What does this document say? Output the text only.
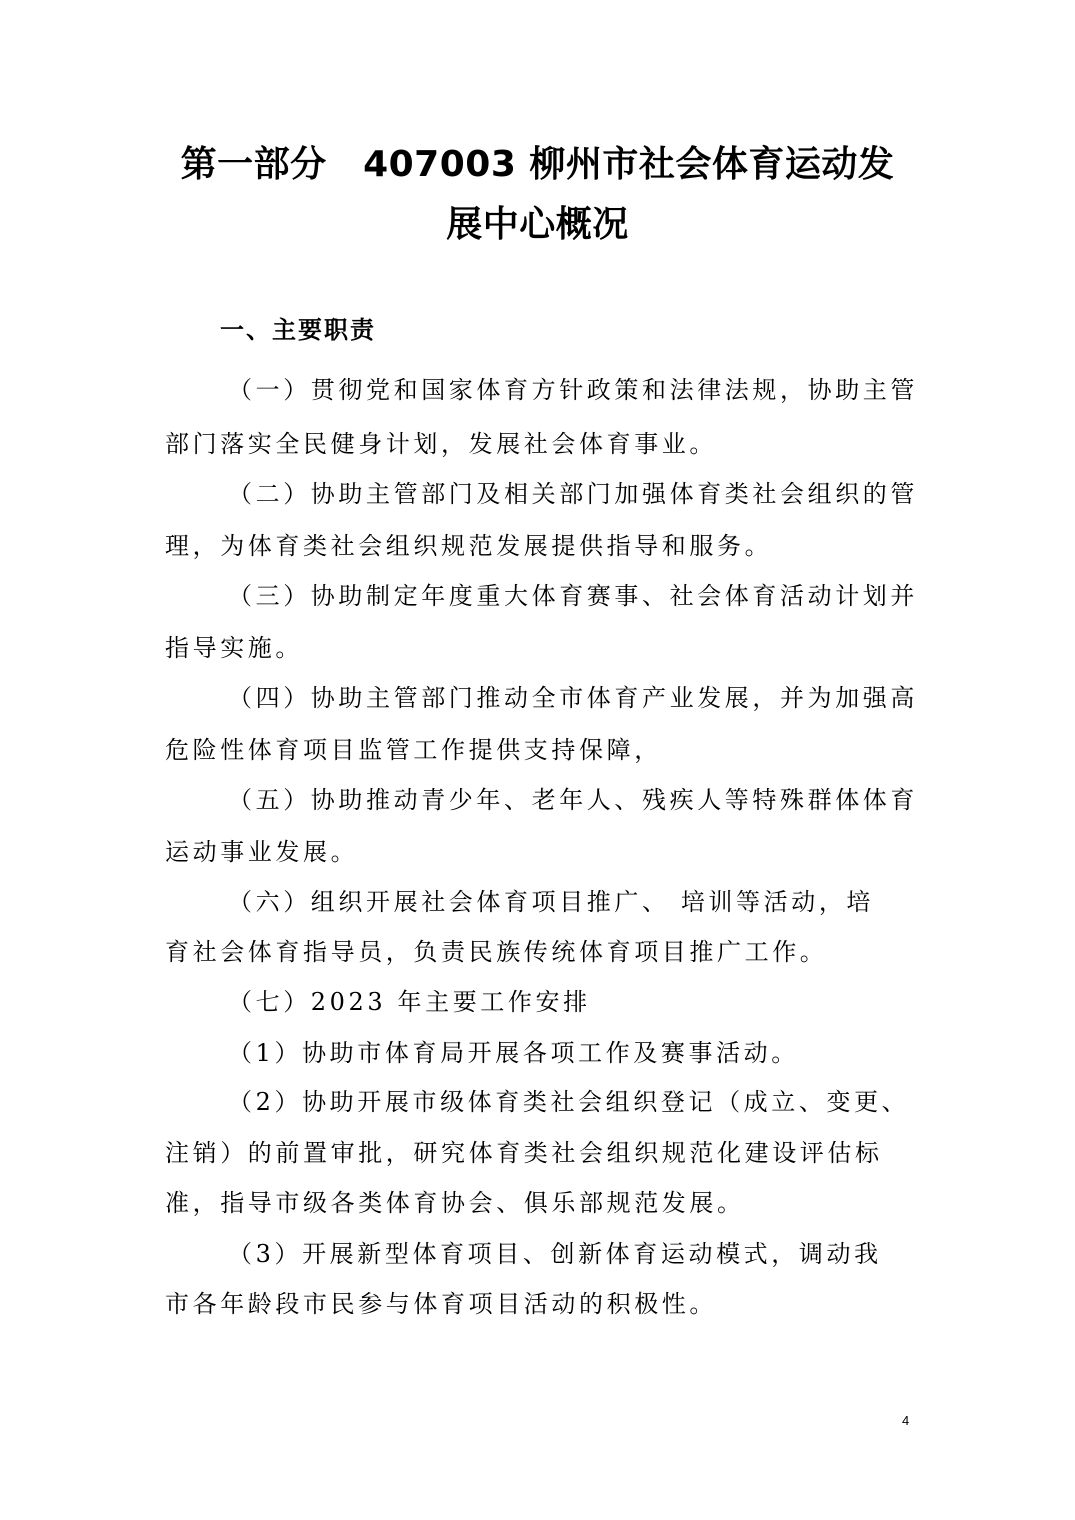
第一部分　407003 柳州市社会体育运动发
展中心概况
一、主要职责
（一）贯彻党和国家体育方针政策和法律法规，协助主管
部门落实全民健身计划，发展社会体育事业。
（二）协助主管部门及相关部门加强体育类社会组织的管
理，为体育类社会组织规范发展提供指导和服务。
（三）协助制定年度重大体育赛事、社会体育活动计划并
指导实施。
（四）协助主管部门推动全市体育产业发展，并为加强高
危险性体育项目监管工作提供支持保障，
（五）协助推动青少年、老年人、残疾人等特殊群体体育
运动事业发展。
（六）组织开展社会体育项目推广、 培训等活动，培
育社会体育指导员，负责民族传统体育项目推广工作。
（七）2023 年主要工作安排
（1）协助市体育局开展各项工作及赛事活动。
（2）协助开展市级体育类社会组织登记（成立、变更、
注销）的前置审批，研究体育类社会组织规范化建设评估标
准，指导市级各类体育协会、俱乐部规范发展。
（3）开展新型体育项目、创新体育运动模式，调动我
市各年龄段市民参与体育项目活动的积极性。
4
